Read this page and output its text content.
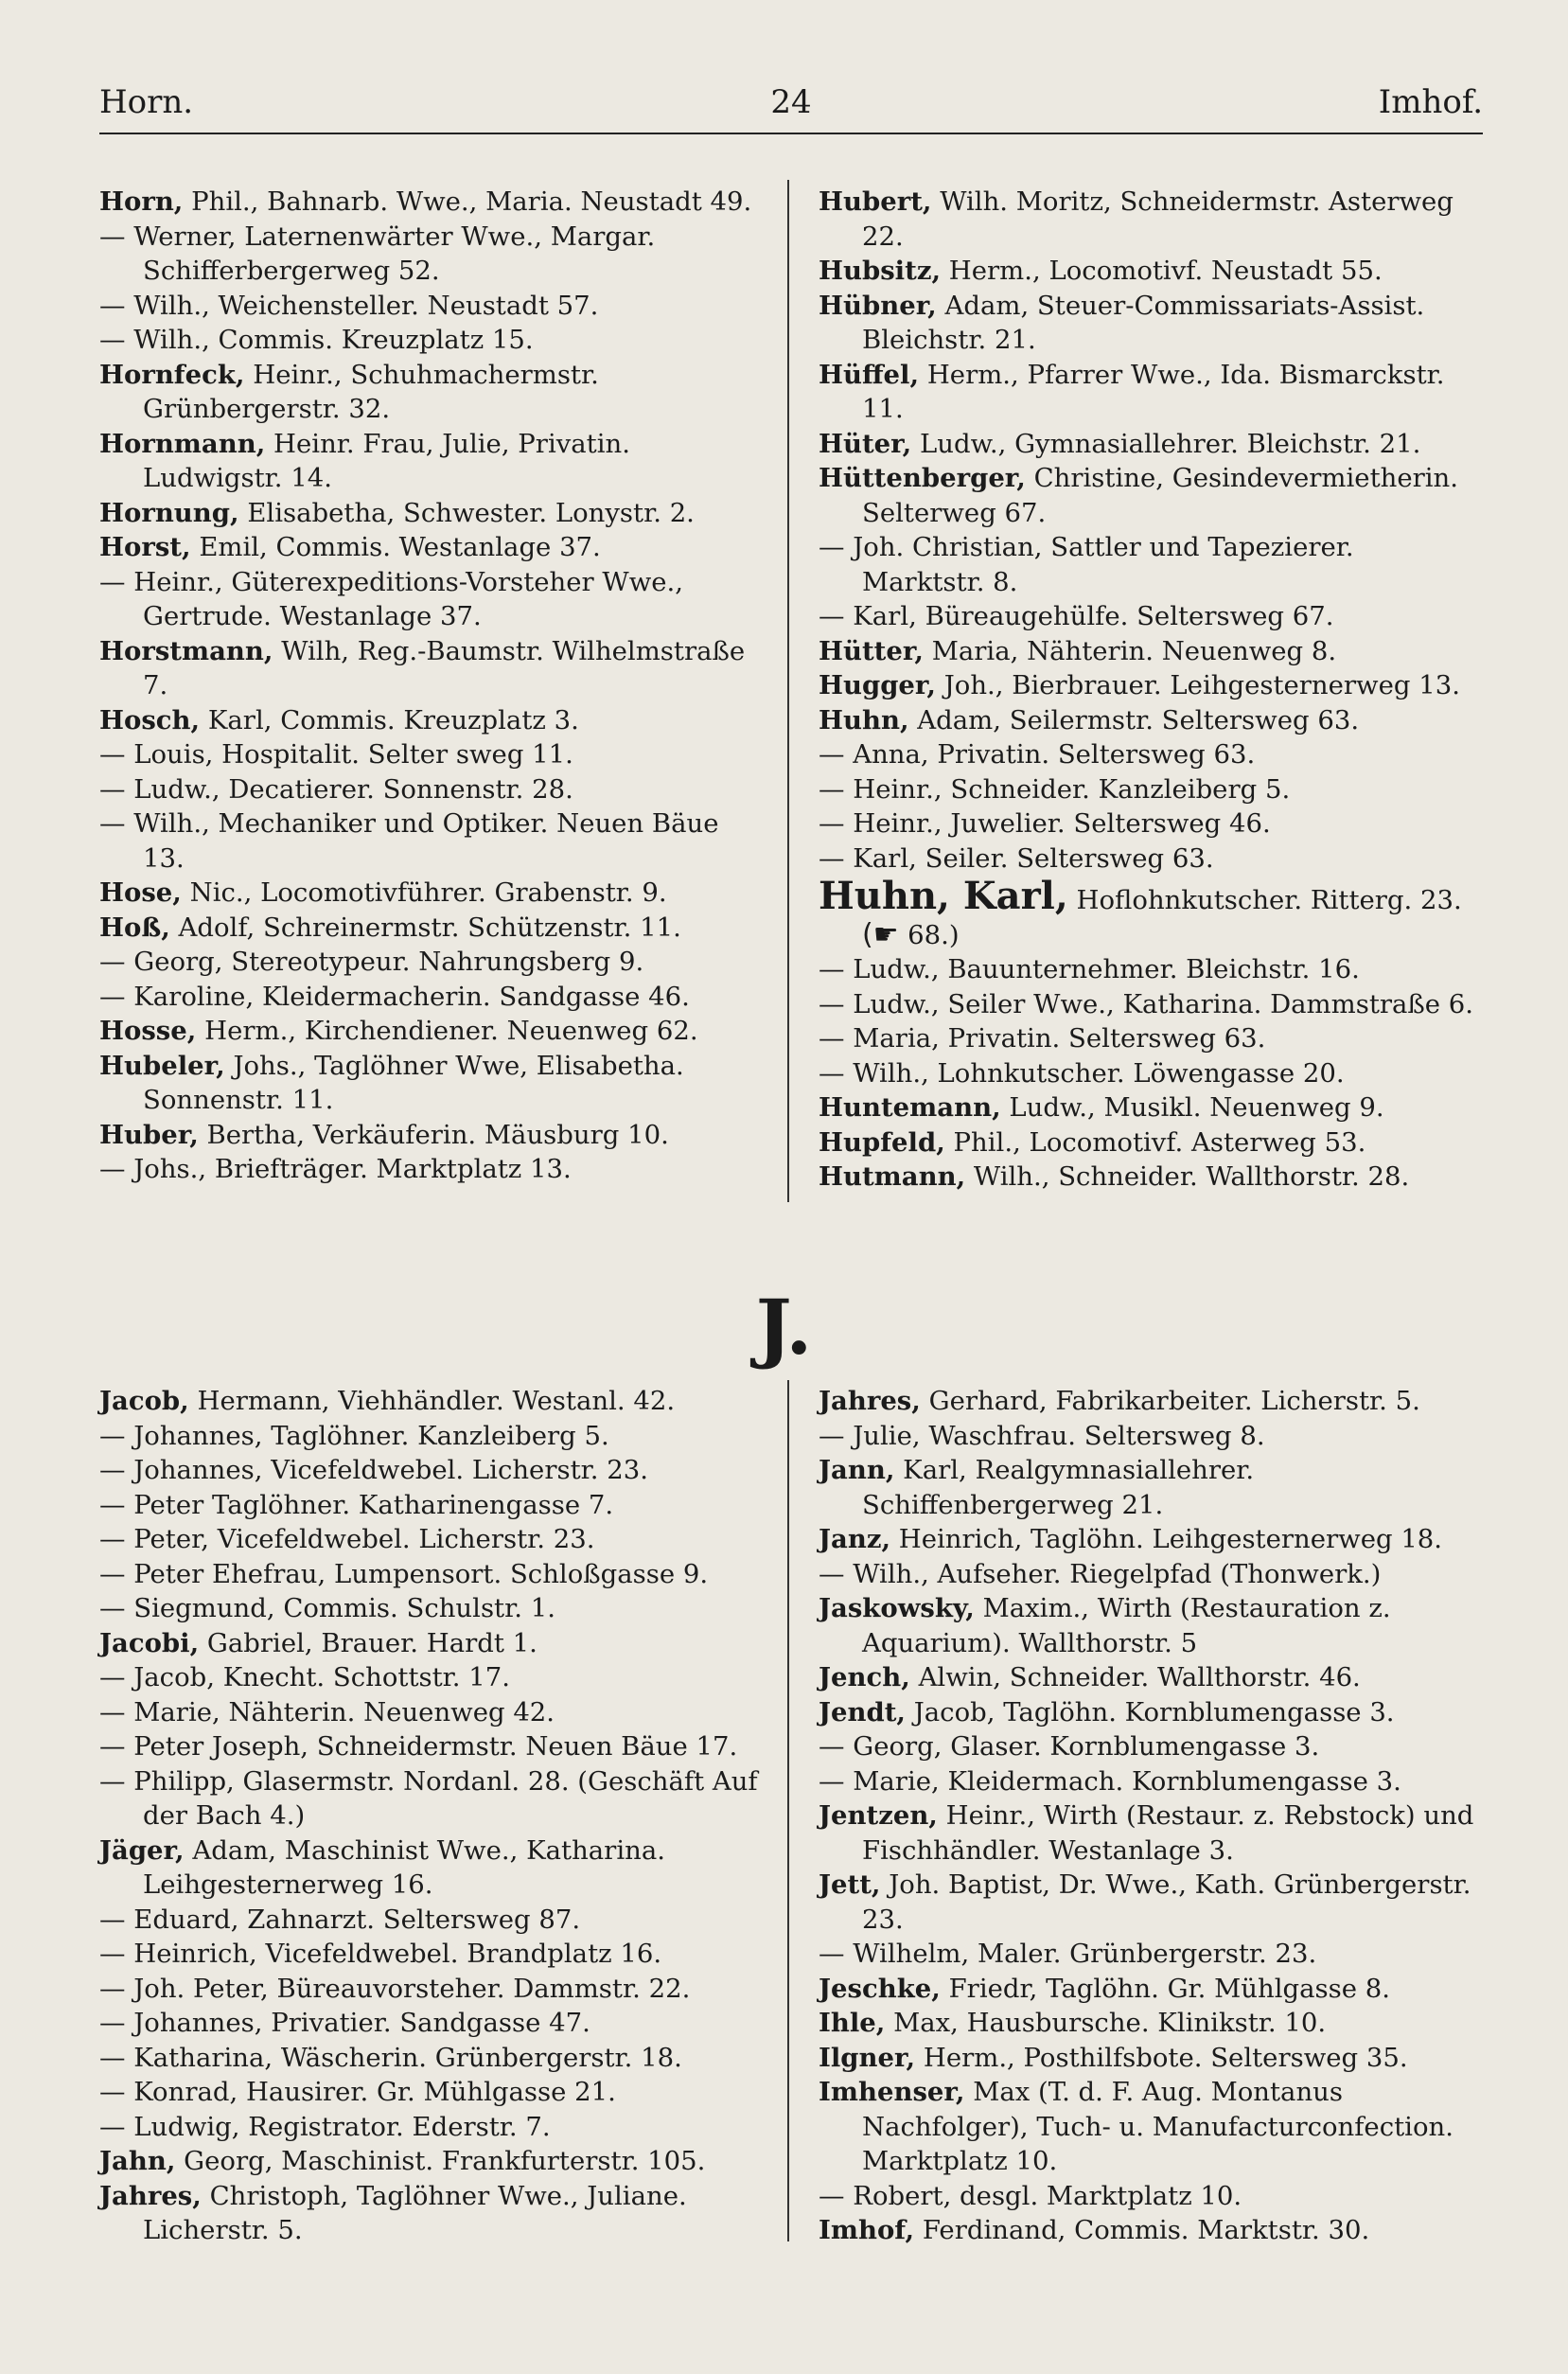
Horn.	24	Imhof.
Horn, Phil., Bahnarb. Wwe., Maria. Neustadt 49.
— Werner, Laternenwärter Wwe., Margar. Schifferbergerweg 52.
— Wilh., Weichensteller. Neustadt 57.
— Wilh., Commis. Kreuzplatz 15.
Hornfeck, Heinr., Schuhmachermstr. Grünbergerstr. 32.
Hornmann, Heinr. Frau, Julie, Privatin. Ludwigstr. 14.
Hornung, Elisabetha, Schwester. Lonystr. 2.
Horst, Emil, Commis. Westanlage 37.
— Heinr., Güterexpeditions-Vorsteher Wwe., Gertrude. Westanlage 37.
Horstmann, Wilh, Reg.-Baumstr. Wilhelmstraße 7.
Hosch, Karl, Commis. Kreuzplatz 3.
— Louis, Hospitalit. Selter sweg 11.
— Ludw., Decatierer. Sonnenstr. 28.
— Wilh., Mechaniker und Optiker. Neuen Bäue 13.
Hose, Nic., Locomotivführer. Grabenstr. 9.
Hoß, Adolf, Schreinermstr. Schützenstr. 11.
— Georg, Stereotypeur. Nahrungsberg 9.
— Karoline, Kleidermacherin. Sandgasse 46.
Hosse, Herm., Kirchendiener. Neuenweg 62.
Hubeler, Johs., Taglöhner Wwe, Elisabetha. Sonnenstr. 11.
Huber, Bertha, Verkäuferin. Mäusburg 10.
— Johs., Briefträger. Marktplatz 13.
Hubert, Wilh. Moritz, Schneidermstr. Asterweg 22.
Hubsitz, Herm., Locomotivf. Neustadt 55.
Hübner, Adam, Steuer-Commissariats-Assist. Bleichstr. 21.
Hüffel, Herm., Pfarrer Wwe., Ida. Bismarckstr. 11.
Hüter, Ludw., Gymnasiallehrer. Bleichstr. 21.
Hüttenberger, Christine, Gesindevermietherin. Selterweg 67.
— Joh. Christian, Sattler und Tapezierer. Marktstr. 8.
— Karl, Büreaugehülfe. Seltersweg 67.
Hütter, Maria, Nähterin. Neuenweg 8.
Hugger, Joh., Bierbrauer. Leihgesternerweg 13.
Huhn, Adam, Seilermstr. Seltersweg 63.
— Anna, Privatin. Seltersweg 63.
— Heinr., Schneider. Kanzleiberg 5.
— Heinr., Juwelier. Seltersweg 46.
— Karl, Seiler. Seltersweg 63.
Huhn, Karl, Hoflohnkutscher. Ritterg. 23.
(☛ 68.)
— Ludw., Bauunternehmer. Bleichstr. 16.
— Ludw., Seiler Wwe., Katharina. Dammstraße 6.
— Maria, Privatin. Seltersweg 63.
— Wilh., Lohnkutscher. Löwengasse 20.
Huntemann, Ludw., Musikl. Neuenweg 9.
Hupfeld, Phil., Locomotivf. Asterweg 53.
Hutmann, Wilh., Schneider. Wallthorstr. 28.
J.
Jacob, Hermann, Viehhändler. Westanl. 42.
— Johannes, Taglöhner. Kanzleiberg 5.
— Johannes, Vicefeldwebel. Licherstr. 23.
— Peter Taglöhner. Katharinengasse 7.
— Peter, Vicefeldwebel. Licherstr. 23.
— Peter Ehefrau, Lumpensort. Schloßgasse 9.
— Siegmund, Commis. Schulstr. 1.
Jacobi, Gabriel, Brauer. Hardt 1.
— Jacob, Knecht. Schottstr. 17.
— Marie, Nähterin. Neuenweg 42.
— Peter Joseph, Schneidermstr. Neuen Bäue 17.
— Philipp, Glasermstr. Nordanl. 28. (Geschäft Auf der Bach 4.)
Jäger, Adam, Maschinist Wwe., Katharina. Leihgesternerweg 16.
— Eduard, Zahnarzt. Seltersweg 87.
— Heinrich, Vicefeldwebel. Brandplatz 16.
— Joh. Peter, Büreauvorsteher. Dammstr. 22.
— Johannes, Privatier. Sandgasse 47.
— Katharina, Wäscherin. Grünbergerstr. 18.
— Konrad, Hausirer. Gr. Mühlgasse 21.
— Ludwig, Registrator. Ederstr. 7.
Jahn, Georg, Maschinist. Frankfurterstr. 105.
Jahres, Christoph, Taglöhner Wwe., Juliane. Licherstr. 5.
Jahres, Gerhard, Fabrikarbeiter. Licherstr. 5.
— Julie, Waschfrau. Seltersweg 8.
Jann, Karl, Realgymnasiallehrer. Schiffenbergerweg 21.
Janz, Heinrich, Taglöhn. Leihgesternerweg 18.
— Wilh., Aufseher. Riegelpfad (Thonwerk.)
Jaskowsky, Maxim., Wirth (Restauration z. Aquarium). Wallthorstr. 5
Jench, Alwin, Schneider. Wallthorstr. 46.
Jendt, Jacob, Taglöhn. Kornblumengasse 3.
— Georg, Glaser. Kornblumengasse 3.
— Marie, Kleidermach. Kornblumengasse 3.
Jentzen, Heinr., Wirth (Restaur. z. Rebstock) und Fischhändler. Westanlage 3.
Jett, Joh. Baptist, Dr. Wwe., Kath. Grünbergerstr. 23.
— Wilhelm, Maler. Grünbergerstr. 23.
Jeschke, Friedr, Taglöhn. Gr. Mühlgasse 8.
Ihle, Max, Hausbursche. Klinikstr. 10.
Ilgner, Herm., Posthilfsbote. Seltersweg 35.
Imhenser, Max (T. d. F. Aug. Montanus Nachfolger), Tuch- u. Manufacturconfection. Marktplatz 10.
— Robert, desgl. Marktplatz 10.
Imhof, Ferdinand, Commis. Marktstr. 30.
